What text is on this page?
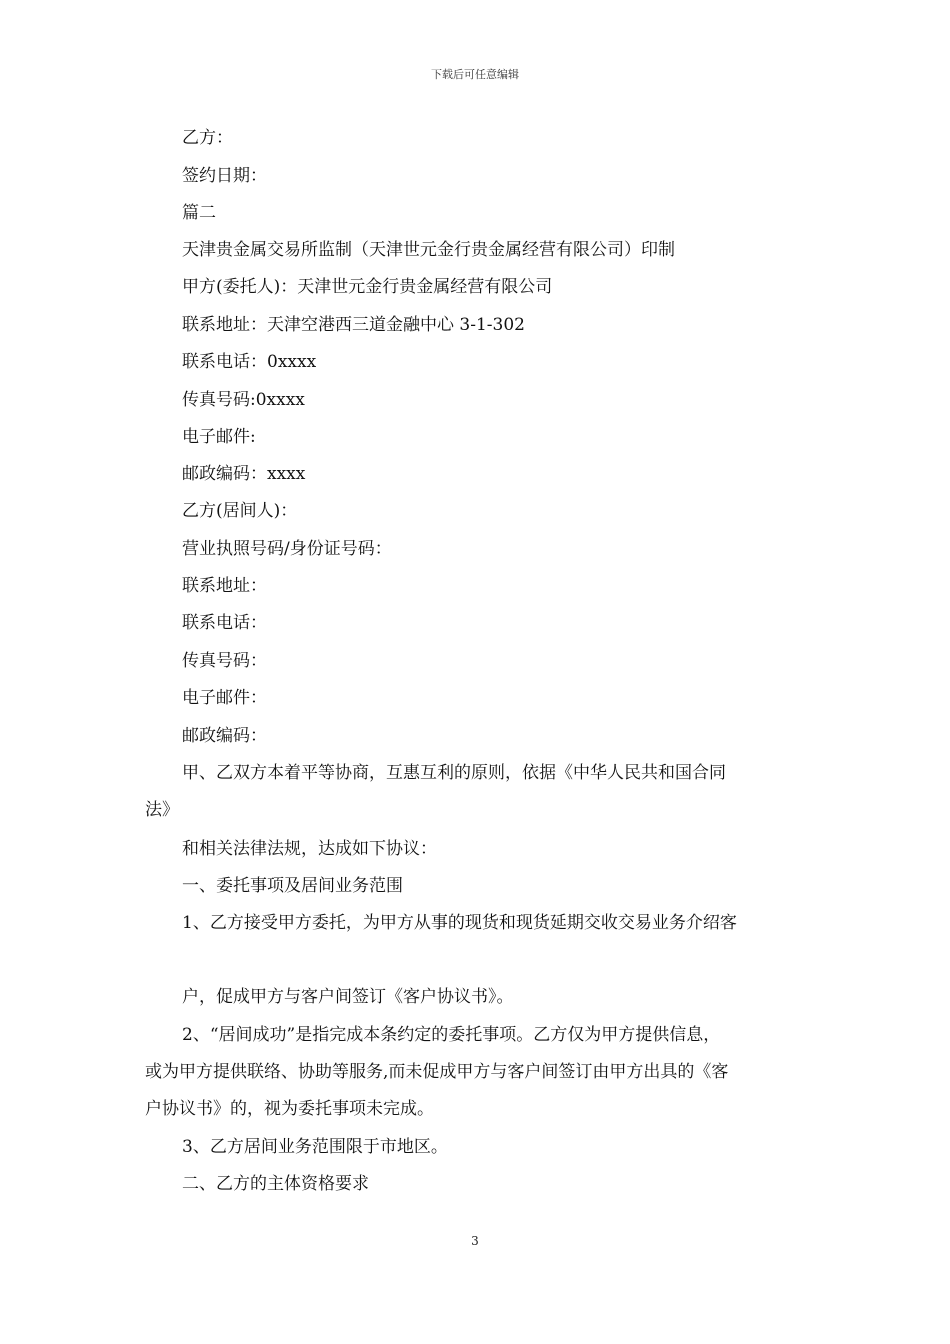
下载后可任意编辑
乙方：
签约日期：
篇二
天津贵金属交易所监制（天津世元金行贵金属经营有限公司）印制
甲方(委托人)：天津世元金行贵金属经营有限公司
联系地址：天津空港西三道金融中心 3-1-302
联系电话：0xxxx
传真号码:0xxxx
电子邮件:
邮政编码：xxxx
乙方(居间人)：
营业执照号码/身份证号码：
联系地址：
联系电话：
传真号码：
电子邮件：
邮政编码：
甲、乙双方本着平等协商，互惠互利的原则，依据《中华人民共和国合同
法》
和相关法律法规，达成如下协议：
一、委托事项及居间业务范围
1、乙方接受甲方委托，为甲方从事的现货和现货延期交收交易业务介绍客
户，促成甲方与客户间签订《客户协议书》。
2、“居间成功”是指完成本条约定的委托事项。乙方仅为甲方提供信息，
或为甲方提供联络、协助等服务,而未促成甲方与客户间签订由甲方出具的《客
户协议书》的，视为委托事项未完成。
3、乙方居间业务范围限于市地区。
二、乙方的主体资格要求
3
